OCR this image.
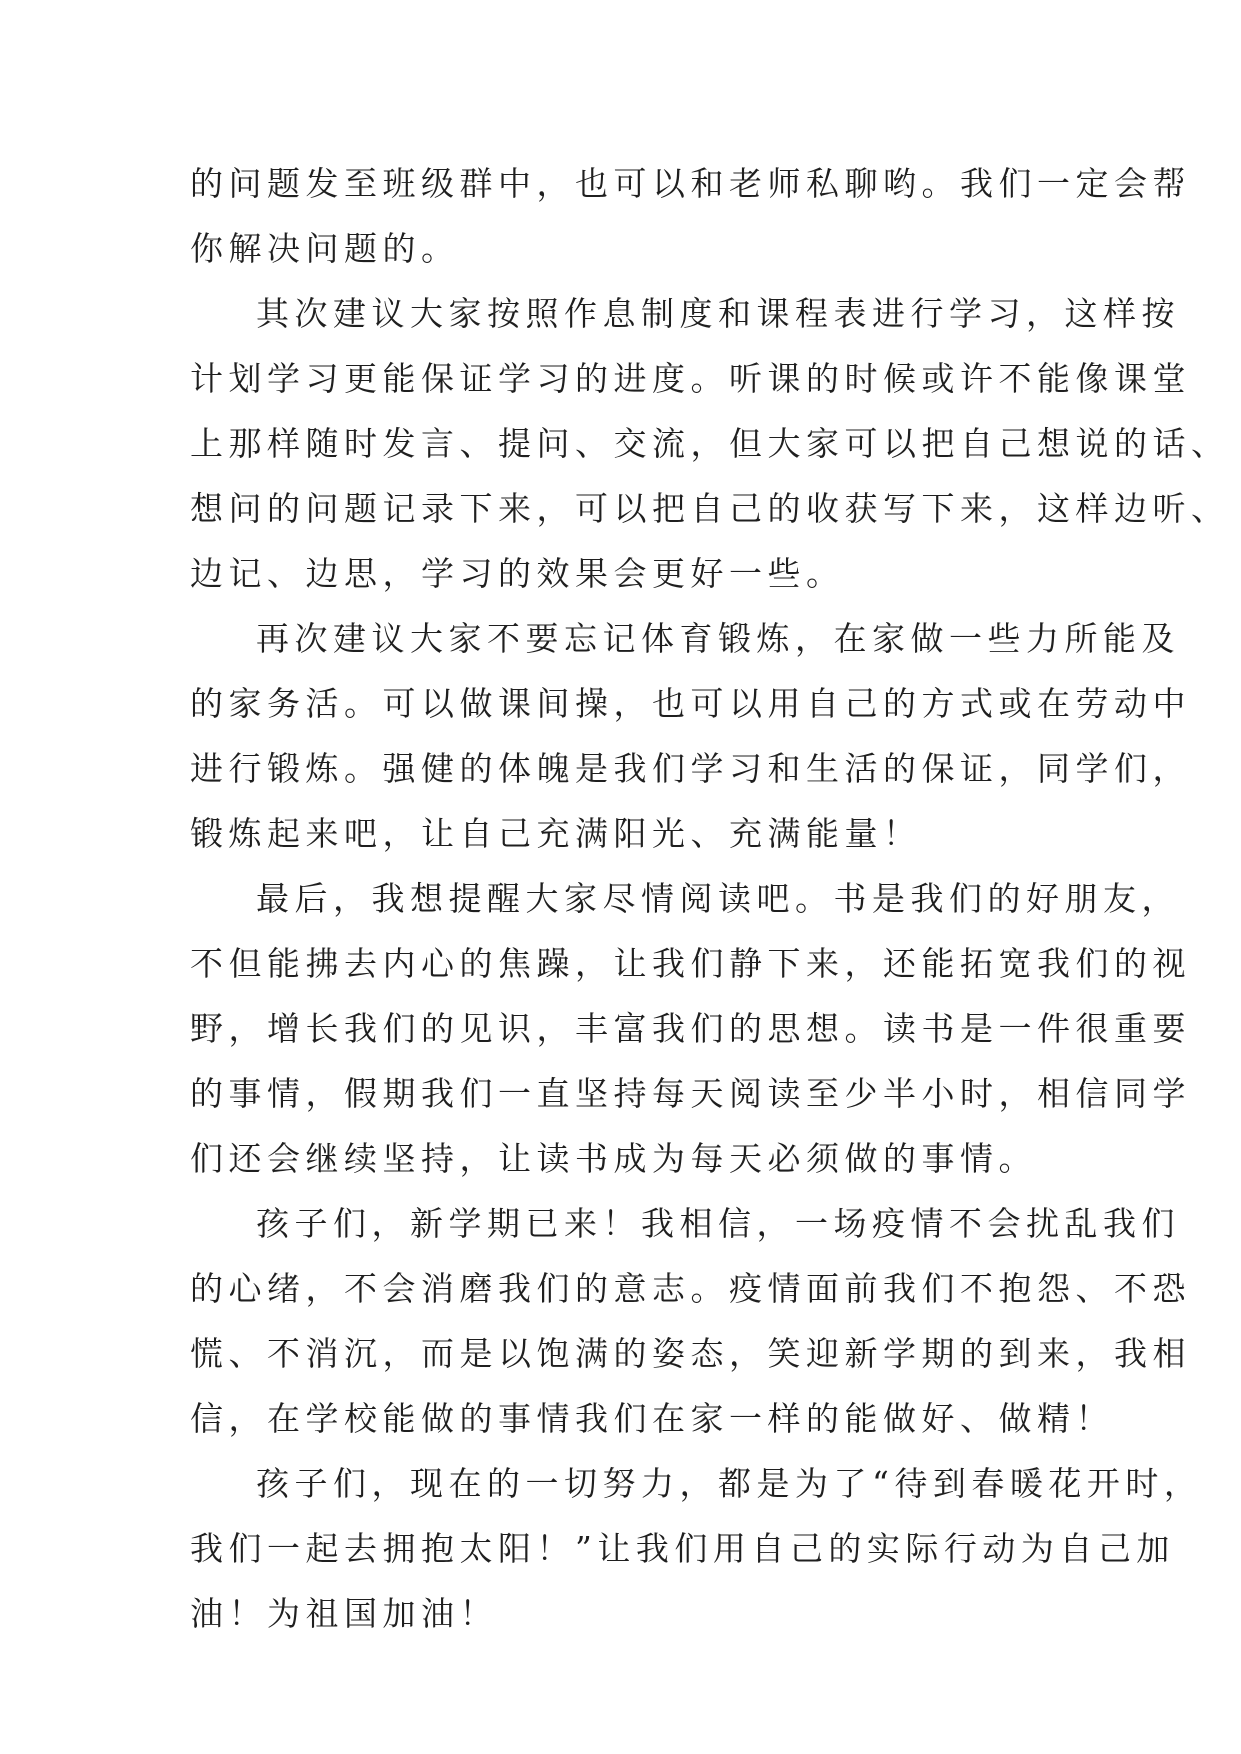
的问题发至班级群中，也可以和老师私聊哟。我们一定会帮
你解决问题的。
其次建议大家按照作息制度和课程表进行学习，这样按
计划学习更能保证学习的进度。听课的时候或许不能像课堂
上那样随时发言、提问、交流，但大家可以把自己想说的话、
想问的问题记录下来，可以把自己的收获写下来，这样边听、
边记、边思，学习的效果会更好一些。
再次建议大家不要忘记体育锻炼，在家做一些力所能及
的家务活。可以做课间操，也可以用自己的方式或在劳动中
进行锻炼。强健的体魄是我们学习和生活的保证，同学们，
锻炼起来吧，让自己充满阳光、充满能量！
最后，我想提醒大家尽情阅读吧。书是我们的好朋友，
不但能拂去内心的焦躁，让我们静下来，还能拓宽我们的视
野，增长我们的见识，丰富我们的思想。读书是一件很重要
的事情，假期我们一直坚持每天阅读至少半小时，相信同学
们还会继续坚持，让读书成为每天必须做的事情。
孩子们，新学期已来！我相信，一场疫情不会扰乱我们
的心绪，不会消磨我们的意志。疫情面前我们不抱怨、不恐
慌、不消沉，而是以饱满的姿态，笑迎新学期的到来，我相
信，在学校能做的事情我们在家一样的能做好、做精！
孩子们，现在的一切努力，都是为了“待到春暖花开时，
我们一起去拥抱太阳！”让我们用自己的实际行动为自己加
油！为祖国加油！
